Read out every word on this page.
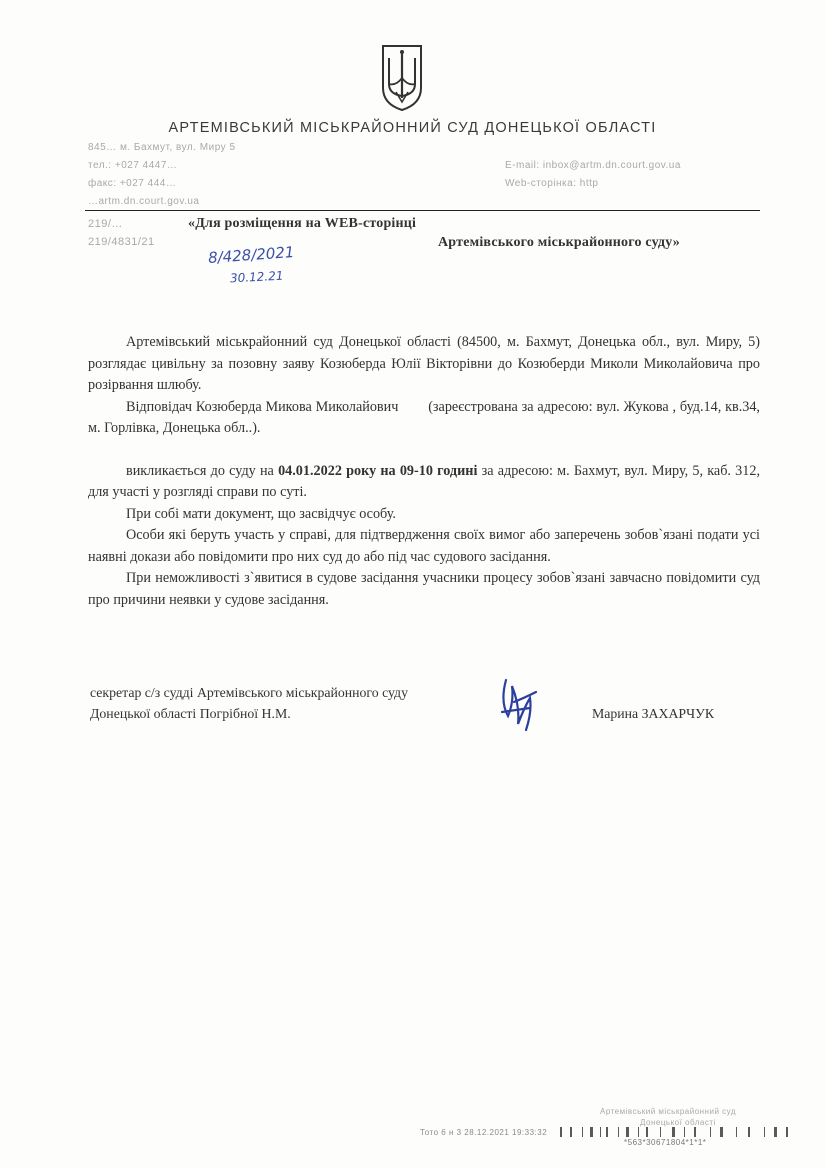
АРТЕМІВСЬКИЙ МІСЬКРАЙОННИЙ СУД ДОНЕЦЬКОЇ ОБЛАСТІ
845… м. Бахмут, вул. Миру 5
тел.: +027 4447…
факс: +027 444…
…artm.dn.court.gov.ua
E-mail: inbox@artm.dn.court.gov.ua
Web-сторінка: http
219/…
219/4831/21
«Для розміщення на WEB-сторінці
Артемівського міськрайонного суду»
8/428/2021
30.12.21

Артемівський міськрайонний суд Донецької області (84500, м. Бахмут, Донецька обл., вул. Миру, 5) розглядає цивільну за позовну заяву Козюберда Юлії Вікторівни до Козюберди Миколи Миколайовича про розірвання шлюбу.

Відповідач Козюберда Микова Миколайович (зареєстрована за адресою: вул. Жукова , буд.14, кв.34, м. Горлівка, Донецька обл..).

викликається до суду на 04.01.2022 року на 09-10 годині за адресою: м. Бахмут, вул. Миру, 5, каб. 312, для участі у розгляді справи по суті.

При собі мати документ, що засвідчує особу.

Особи які беруть участь у справі, для підтвердження своїх вимог або заперечень зобов`язані подати усі наявні докази або повідомити про них суд до або під час судового засідання.

При неможливості з`явитися в судове засідання учасники процесу зобов`язані завчасно повідомити суд про причини неявки у судове засідання.

секретар с/з судді Артемівського міськрайонного суду
Донецької області Погрібної Н.М.	Марина ЗАХАРЧУК
Артемівський міськрайонний суд
Донецької області
Тото 6 н 3 28.12.2021 19:33:32
*563*30671804*1*1*
